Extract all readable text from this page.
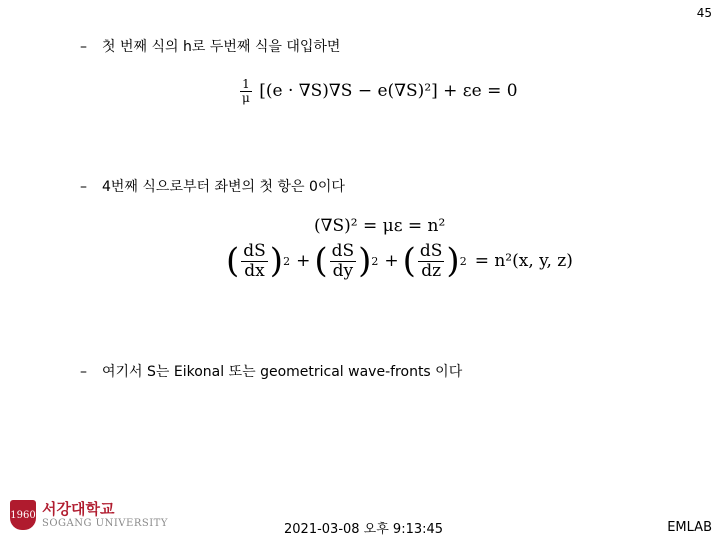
45
–	첫 번째 식의 h로 두번째 식을 대입하면
$\frac{1}{\mu} [(e \cdot \nabla S)\nabla S - e(\nabla S)^2] + \varepsilon e = 0$
–	4번째 식으로부터 좌변의 첫 항은 0이다
(∇S)² = με = n²
( $\frac{dS}{dx}$ ) 2 + ( $\frac{dS}{dy}$ ) 2 + ( $\frac{dS}{dz}$ ) 2 = n²(x, y, z)
–	여기서 S는 Eikonal 또는 geometrical wave-fronts 이다
1960 서강대학교
SOGANG UNIVERSITY	2021-03-08 오후 9:13:45	EMLAB
